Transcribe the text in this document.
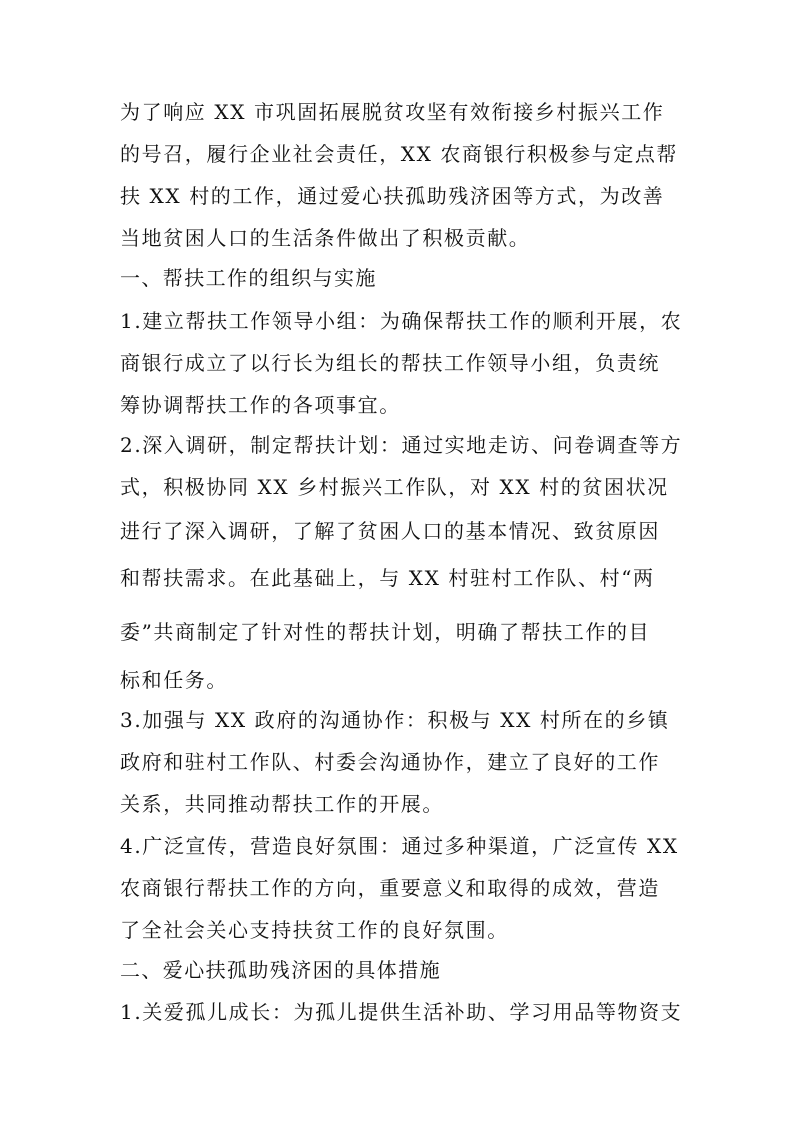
为了响应 XX 市巩固拓展脱贫攻坚有效衔接乡村振兴工作
的号召，履行企业社会责任，XX 农商银行积极参与定点帮
扶 XX 村的工作，通过爱心扶孤助残济困等方式，为改善
当地贫困人口的生活条件做出了积极贡献。
一、帮扶工作的组织与实施
1.建立帮扶工作领导小组：为确保帮扶工作的顺利开展，农
商银行成立了以行长为组长的帮扶工作领导小组，负责统
筹协调帮扶工作的各项事宜。
2.深入调研，制定帮扶计划：通过实地走访、问卷调查等方
式，积极协同 XX 乡村振兴工作队，对 XX 村的贫困状况
进行了深入调研，了解了贫困人口的基本情况、致贫原因
和帮扶需求。在此基础上，与 XX 村驻村工作队、村“两
委”共商制定了针对性的帮扶计划，明确了帮扶工作的目
标和任务。
3.加强与 XX 政府的沟通协作：积极与 XX 村所在的乡镇
政府和驻村工作队、村委会沟通协作，建立了良好的工作
关系，共同推动帮扶工作的开展。
4.广泛宣传，营造良好氛围：通过多种渠道，广泛宣传 XX
农商银行帮扶工作的方向，重要意义和取得的成效，营造
了全社会关心支持扶贫工作的良好氛围。
二、爱心扶孤助残济困的具体措施
1.关爱孤儿成长：为孤儿提供生活补助、学习用品等物资支
